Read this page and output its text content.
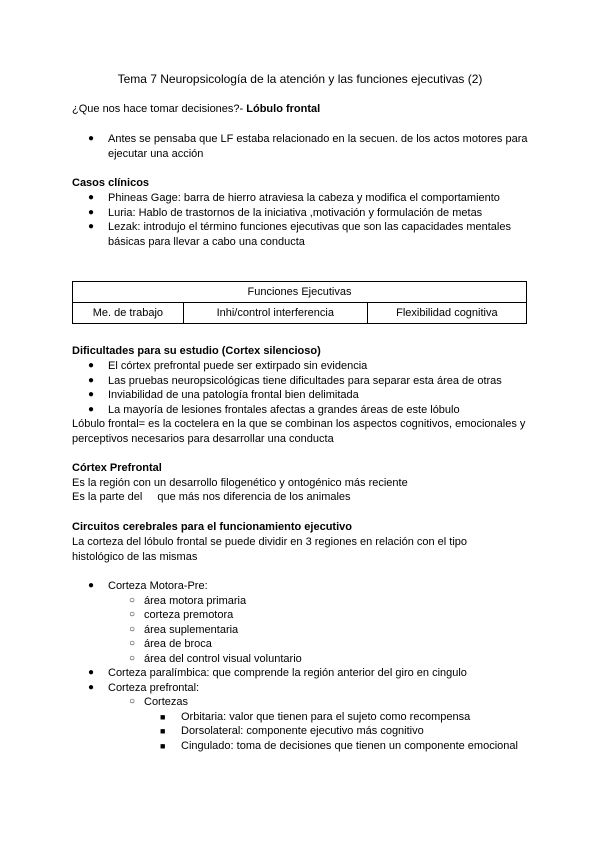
Tema 7 Neuropsicología de la atención y las funciones ejecutivas (2)

¿Que nos hace tomar decisiones?- Lóbulo frontal

● Antes se pensaba que LF estaba relacionado en la secuen. de los actos motores para ejecutar una acción

Casos clínicos

● Phineas Gage: barra de hierro atraviesa la cabeza y modifica el comportamiento
● Luria: Hablo de trastornos de la iniciativa ,motivación y formulación de metas
● Lezak: introdujo el término funciones ejecutivas que son las capacidades mentales básicas para llevar a cabo una conducta
Funciones Ejecutivas
Me. de trabajo	Inhi/control interferencia	Flexibilidad cognitiva

Dificultades para su estudio (Cortex silencioso)

● El córtex prefrontal puede ser extirpado sin evidencia
● Las pruebas neuropsicológicas tiene dificultades para separar esta área de otras
● Inviabilidad de una patología frontal bien delimitada
● La mayoría de lesiones frontales afectas a grandes áreas de este lóbulo

Lóbulo frontal= es la coctelera en la que se combinan los aspectos cognitivos, emocionales y perceptivos necesarios para desarrollar una conducta

Córtex Prefrontal

Es la región con un desarrollo filogenético y ontogénico más reciente

Es la parte del que más nos diferencia de los animales

Circuitos cerebrales para el funcionamiento ejecutivo

La corteza del lóbulo frontal se puede dividir en 3 regiones en relación con el tipo histológico de las mismas

● Corteza Motora-Pre:
○ área motora primaria
○ corteza premotora
○ área suplementaria
○ área de broca
○ área del control visual voluntario
● Corteza paralímbica: que comprende la región anterior del giro en cingulo
● Corteza prefrontal:
○ Cortezas
■ Orbitaria: valor que tienen para el sujeto como recompensa
■ Dorsolateral: componente ejecutivo más cognitivo
■ Cingulado: toma de decisiones que tienen un componente emocional
